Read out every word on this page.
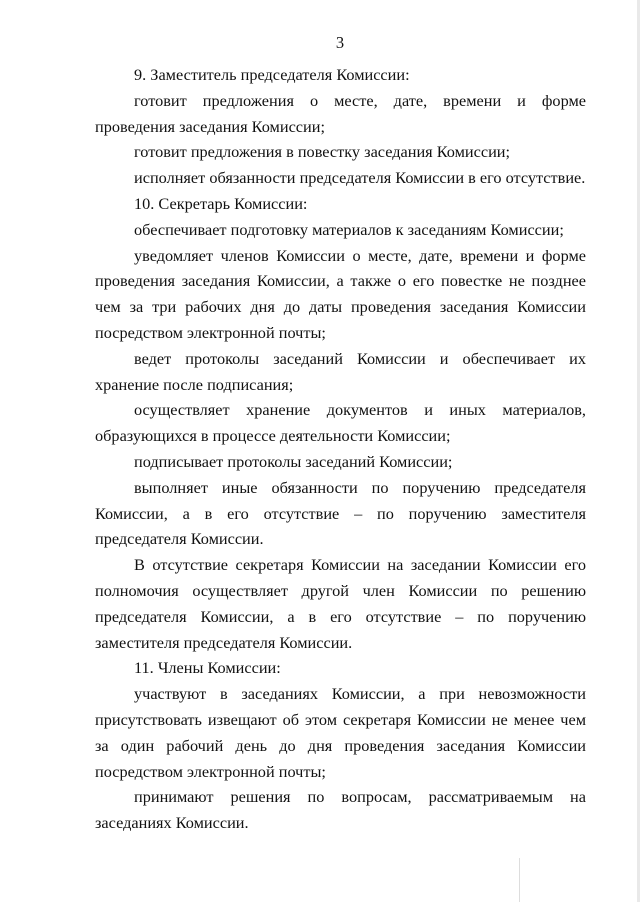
3

9. Заместитель председателя Комиссии:

готовит предложения о месте, дате, времени и форме проведения заседания Комиссии;

готовит предложения в повестку заседания Комиссии;

исполняет обязанности председателя Комиссии в его отсутствие.

10. Секретарь Комиссии:

обеспечивает подготовку материалов к заседаниям Комиссии;

уведомляет членов Комиссии о месте, дате, времени и форме проведения заседания Комиссии, а также о его повестке не позднее чем за три рабочих дня до даты проведения заседания Комиссии посредством электронной почты;

ведет протоколы заседаний Комиссии и обеспечивает их хранение после подписания;

осуществляет хранение документов и иных материалов, образующихся в процессе деятельности Комиссии;

подписывает протоколы заседаний Комиссии;

выполняет иные обязанности по поручению председателя Комиссии, а в его отсутствие – по поручению заместителя председателя Комиссии.

В отсутствие секретаря Комиссии на заседании Комиссии его полномочия осуществляет другой член Комиссии по решению председателя Комиссии, а в его отсутствие – по поручению заместителя председателя Комиссии.

11. Члены Комиссии:

участвуют в заседаниях Комиссии, а при невозможности присутствовать извещают об этом секретаря Комиссии не менее чем за один рабочий день до дня проведения заседания Комиссии посредством электронной почты;

принимают решения по вопросам, рассматриваемым на заседаниях Комиссии.
